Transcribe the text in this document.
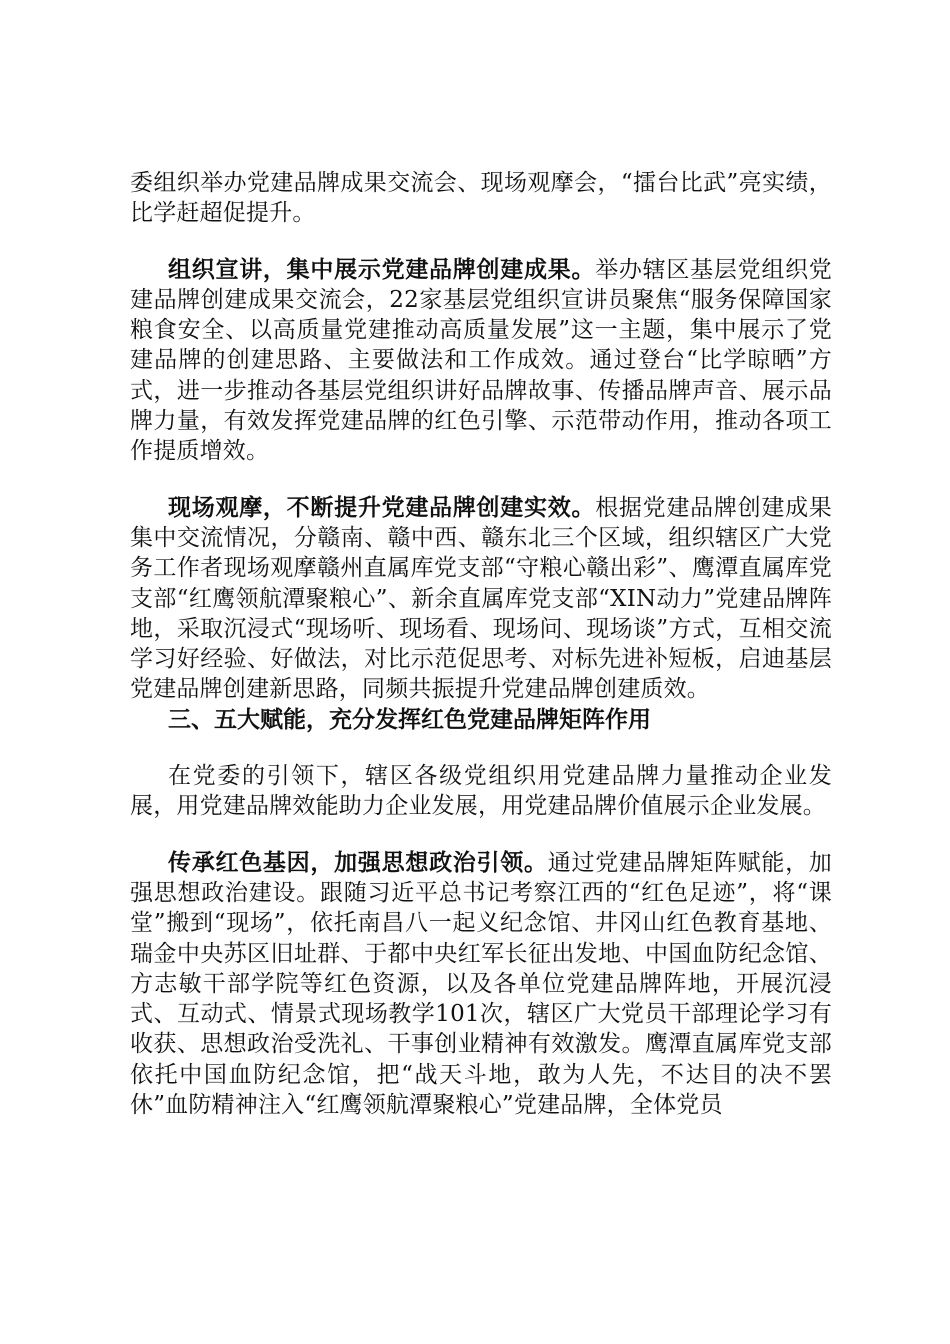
委组织举办党建品牌成果交流会、现场观摩会，“擂台比武”亮实绩，比学赶超促提升。

组织宣讲，集中展示党建品牌创建成果。举办辖区基层党组织党建品牌创建成果交流会，22家基层党组织宣讲员聚焦“服务保障国家粮食安全、以高质量党建推动高质量发展”这一主题，集中展示了党建品牌的创建思路、主要做法和工作成效。通过登台“比学晾晒”方式，进一步推动各基层党组织讲好品牌故事、传播品牌声音、展示品牌力量，有效发挥党建品牌的红色引擎、示范带动作用，推动各项工作提质增效。

现场观摩，不断提升党建品牌创建实效。根据党建品牌创建成果集中交流情况，分赣南、赣中西、赣东北三个区域，组织辖区广大党务工作者现场观摩赣州直属库党支部“守粮心赣出彩”、鹰潭直属库党支部“红鹰领航潭聚粮心”、新余直属库党支部“XIN动力”党建品牌阵地，采取沉浸式“现场听、现场看、现场问、现场谈”方式，互相交流学习好经验、好做法，对比示范促思考、对标先进补短板，启迪基层党建品牌创建新思路，同频共振提升党建品牌创建质效。

三、五大赋能，充分发挥红色党建品牌矩阵作用

在党委的引领下，辖区各级党组织用党建品牌力量推动企业发展，用党建品牌效能助力企业发展，用党建品牌价值展示企业发展。

传承红色基因，加强思想政治引领。通过党建品牌矩阵赋能，加强思想政治建设。跟随习近平总书记考察江西的“红色足迹”，将“课堂”搬到“现场”，依托南昌八一起义纪念馆、井冈山红色教育基地、瑞金中央苏区旧址群、于都中央红军长征出发地、中国血防纪念馆、方志敏干部学院等红色资源，以及各单位党建品牌阵地，开展沉浸式、互动式、情景式现场教学101次，辖区广大党员干部理论学习有收获、思想政治受洗礼、干事创业精神有效激发。鹰潭直属库党支部依托中国血防纪念馆，把“战天斗地，敢为人先，不达目的决不罢休”血防精神注入“红鹰领航潭聚粮心”党建品牌，全体党员
